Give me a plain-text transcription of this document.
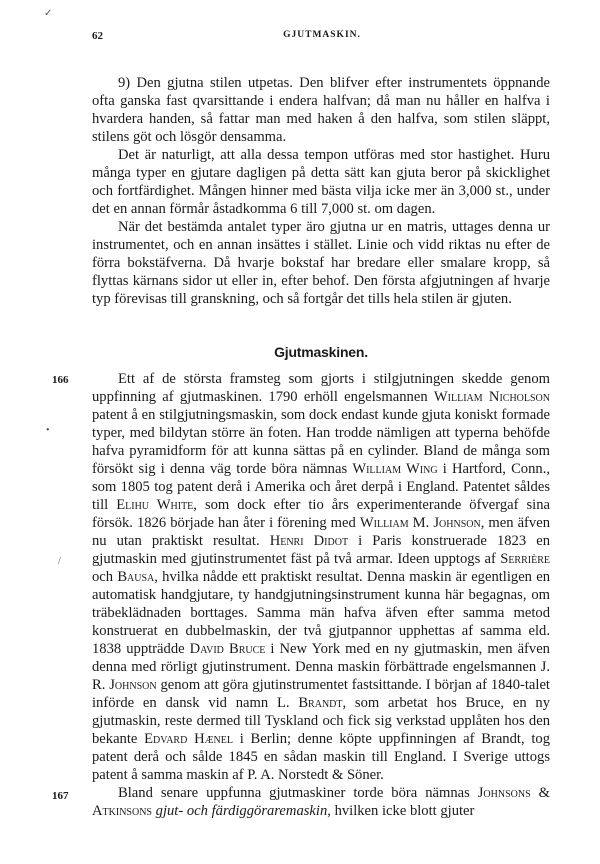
✓
62	GJUTMASKIN.

9) Den gjutna stilen utpetas. Den blifver efter instrumentets öppnande ofta ganska fast qvarsittande i endera halfvan; då man nu håller en halfva i hvardera handen, så fattar man med haken å den halfva, som stilen släppt, stilens göt och lösgör densamma.

Det är naturligt, att alla dessa tempon utföras med stor hastighet. Huru många typer en gjutare dagligen på detta sätt kan gjuta beror på skicklighet och fortfärdighet. Mången hinner med bästa vilja icke mer än 3,000 st., under det en annan förmår åstadkomma 6 till 7,000 st. om dagen.

När det bestämda antalet typer äro gjutna ur en matris, uttages denna ur instrumentet, och en annan insättes i stället. Linie och vidd riktas nu efter de förra bokstäfverna. Då hvarje bokstaf har bredare eller smalare kropp, så flyttas kärnans sidor ut eller in, efter behof. Den första afgjutningen af hvarje typ förevisas till granskning, och så fortgår det tills hela stilen är gjuten.

Gjutmaskinen.
166
•
/

Ett af de största framsteg som gjorts i stilgjutningen skedde genom uppfinning af gjutmaskinen. 1790 erhöll engelsmannen William Nicholson patent å en stilgjutningsmaskin, som dock endast kunde gjuta koniskt formade typer, med bildytan större än foten. Han trodde nämligen att typerna behöfde hafva pyramidform för att kunna sättas på en cylinder. Bland de många som försökt sig i denna väg torde böra nämnas William Wing i Hartford, Conn., som 1805 tog patent derå i Amerika och året derpå i England. Patentet såldes till Elihu White, som dock efter tio års experimenterande öfvergaf sina försök. 1826 började han åter i förening med William M. Johnson, men äfven nu utan praktiskt resultat. Henri Didot i Paris konstruerade 1823 en gjutmaskin med gjutinstrumentet fäst på två armar. Ideen upptogs af Serrière och Bausa, hvilka nådde ett praktiskt resultat. Denna maskin är egentligen en automatisk handgjutare, ty handgjutningsinstrument kunna här begagnas, om träbeklädnaden borttages. Samma män hafva äfven efter samma metod konstruerat en dubbelmaskin, der två gjutpannor upphettas af samma eld. 1838 uppträdde David Bruce i New York med en ny gjutmaskin, men äfven denna med rörligt gjutinstrument. Denna maskin förbättrade engelsmannen J. R. Johnson genom att göra gjutinstrumentet fastsittande. I början af 1840-talet införde en dansk vid namn L. Brandt, som arbetat hos Bruce, en ny gjutmaskin, reste dermed till Tyskland och fick sig verkstad upplåten hos den bekante Edvard Hænel i Berlin; denne köpte uppfinningen af Brandt, tog patent derå och sålde 1845 en sådan maskin till England. I Sverige uttogs patent å samma maskin af P. A. Norstedt & Söner.

Bland senare uppfunna gjutmaskiner torde böra nämnas Johnsons & Atkinsons gjut- och färdiggöraremaskin, hvilken icke blott gjuter

167
